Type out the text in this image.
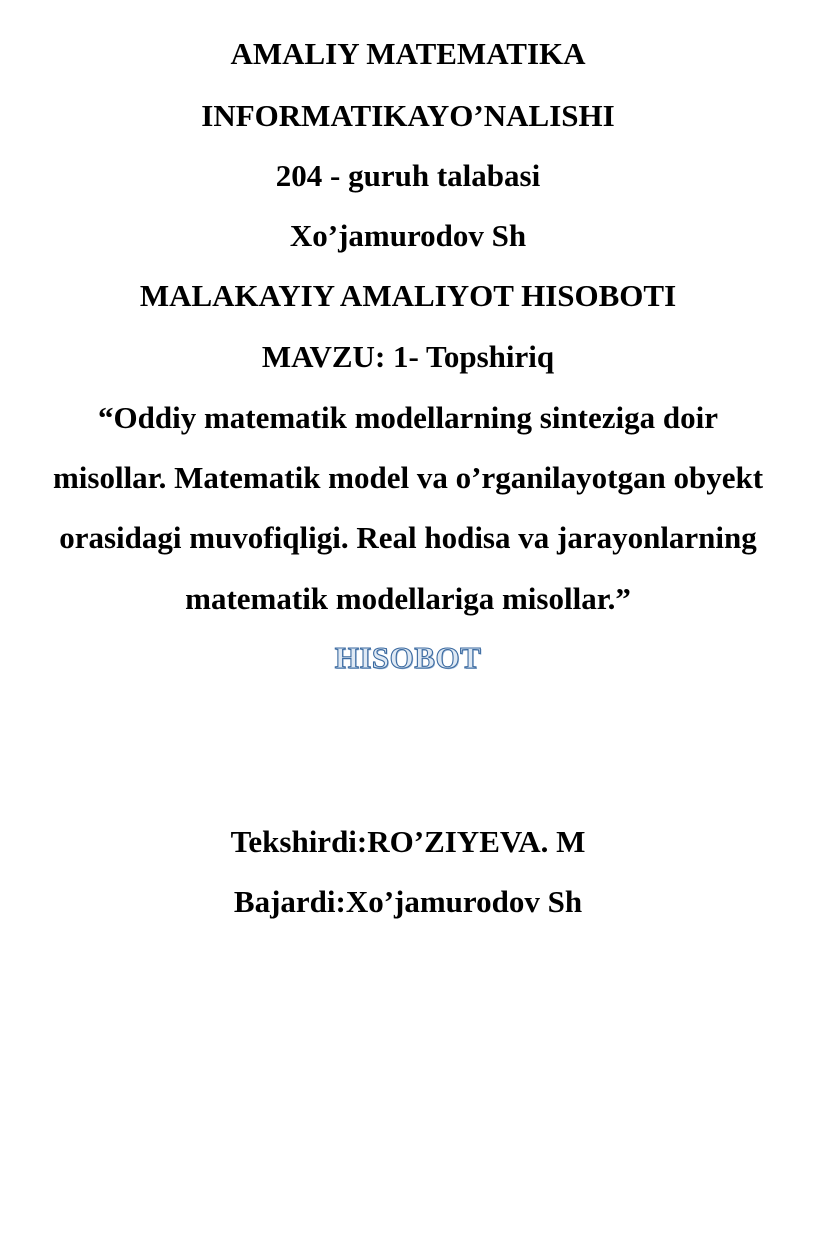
AMALIY MATEMATIKA
INFORMATIKAYO’NALISHI
204 - guruh talabasi
Xo’jamurodov Sh
MALAKAYIY AMALIYOT HISOBOTI
MAVZU: 1- Topshiriq
“Oddiy matematik modellarning sinteziga doir
misollar. Matematik model va o’rganilayotgan obyekt
orasidagi muvofiqligi. Real hodisa va jarayonlarning
matematik modellariga misollar.”
HISOBOT
Tekshirdi:RO’ZIYEVA. M
Bajardi:Xo’jamurodov Sh
